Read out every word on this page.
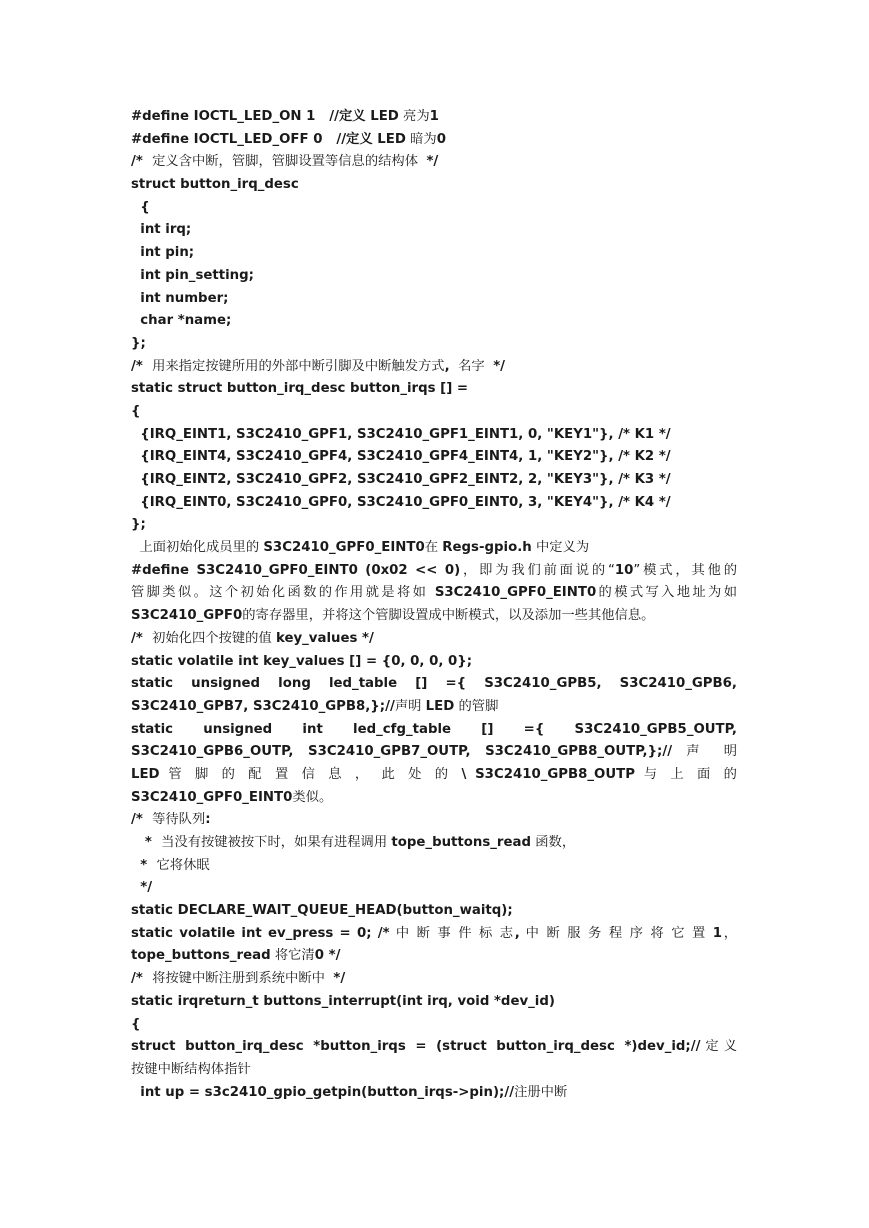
#define IOCTL_LED_ON 1   //定义 LED 亮为1
#define IOCTL_LED_OFF 0   //定义 LED 暗为0
/*  定义含中断，管脚，管脚设置等信息的结构体  */
struct button_irq_desc
{
int irq;
int pin;
int pin_setting;
int number;
char *name;
};
/*  用来指定按键所用的外部中断引脚及中断触发方式,  名字  */
static struct button_irq_desc button_irqs [] =
{
{IRQ_EINT1, S3C2410_GPF1, S3C2410_GPF1_EINT1, 0, "KEY1"}, /* K1 */
{IRQ_EINT4, S3C2410_GPF4, S3C2410_GPF4_EINT4, 1, "KEY2"}, /* K2 */
{IRQ_EINT2, S3C2410_GPF2, S3C2410_GPF2_EINT2, 2, "KEY3"}, /* K3 */
{IRQ_EINT0, S3C2410_GPF0, S3C2410_GPF0_EINT0, 3, "KEY4"}, /* K4 */
};
上面初始化成员里的 S3C2410_GPF0_EINT0在 Regs-gpio.h 中定义为
#define S3C2410_GPF0_EINT0 (0x02 << 0)，即为我们前面说的“10”模式，其他的
管脚类似。这个初始化函数的作用就是将如 S3C2410_GPF0_EINT0的模式写入地址为如
S3C2410_GPF0的寄存器里，并将这个管脚设置成中断模式，以及添加一些其他信息。
/*  初始化四个按键的值 key_values */
static volatile int key_values [] = {0, 0, 0, 0};
static unsigned long led_table [] ={ S3C2410_GPB5, S3C2410_GPB6,
S3C2410_GPB7, S3C2410_GPB8,};//声明 LED 的管脚
static unsigned int led_cfg_table [] ={ S3C2410_GPB5_OUTP,
S3C2410_GPB6_OUTP, S3C2410_GPB7_OUTP, S3C2410_GPB8_OUTP,};// 声 明
LED 管 脚 的 配 置 信 息 ， 此 处 的 \ S3C2410_GPB8_OUTP 与 上 面 的
S3C2410_GPF0_EINT0类似。
/*  等待队列:
*  当没有按键被按下时，如果有进程调用 tope_buttons_read 函数，
*  它将休眠
*/
static DECLARE_WAIT_QUEUE_HEAD(button_waitq);
static volatile int ev_press = 0; /* 中 断 事 件 标 志, 中 断 服 务 程 序 将 它 置 1，
tope_buttons_read 将它清0 */
/*  将按键中断注册到系统中断中  */
static irqreturn_t buttons_interrupt(int irq, void *dev_id)
{
struct button_irq_desc *button_irqs = (struct button_irq_desc *)dev_id;//定义
按键中断结构体指针
int up = s3c2410_gpio_getpin(button_irqs->pin);//注册中断
